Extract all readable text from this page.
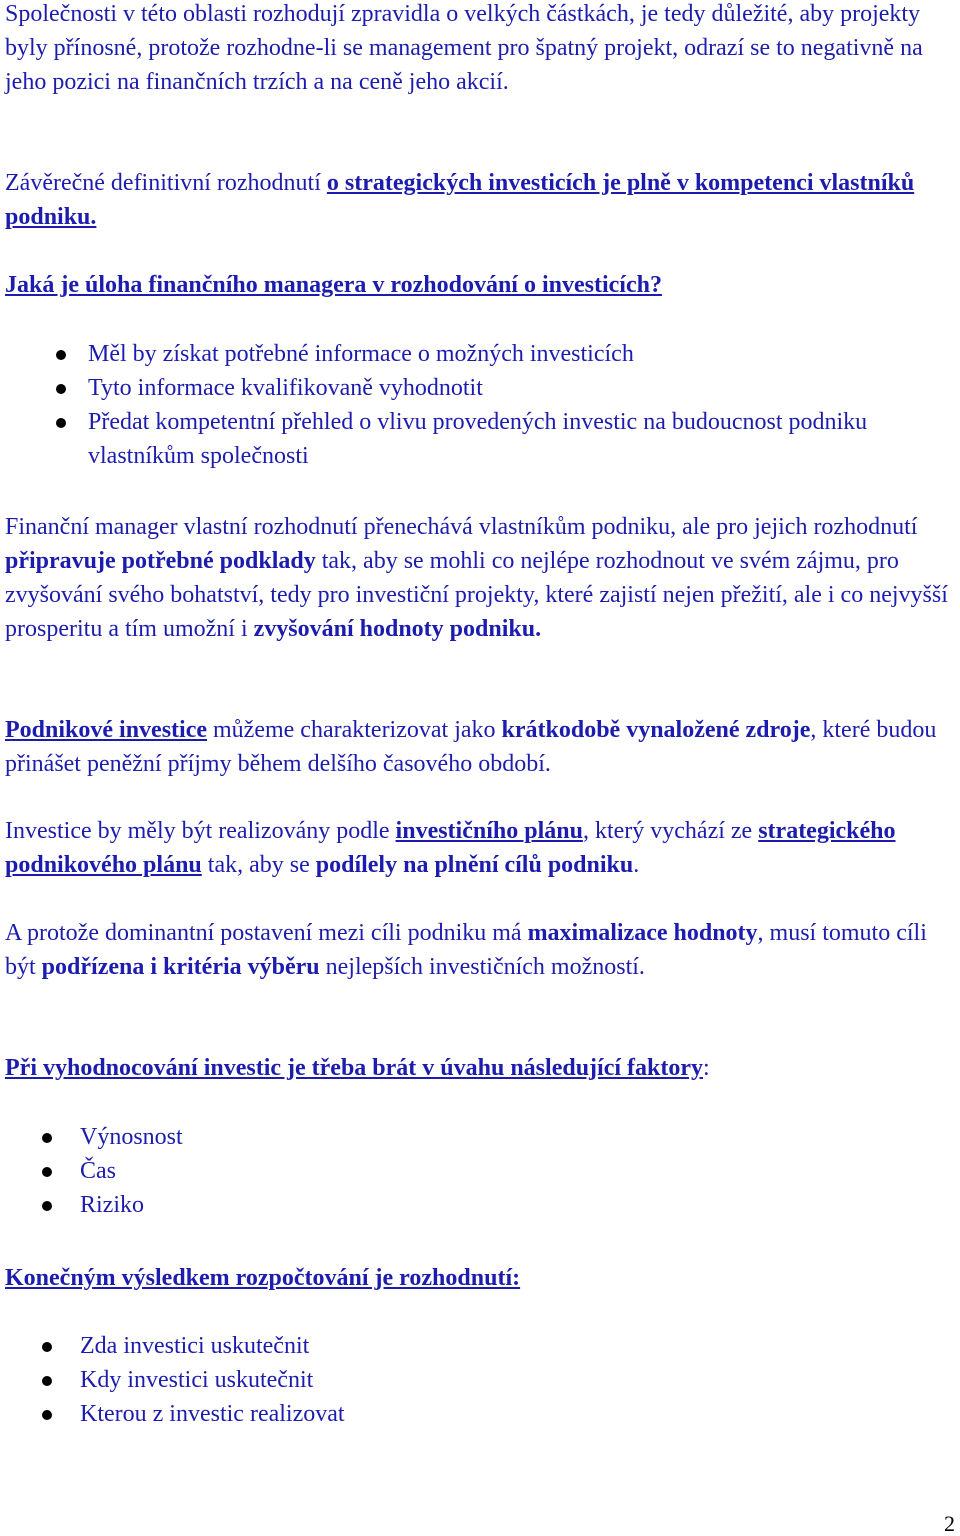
Společnosti v této oblasti rozhodují zpravidla o velkých částkách, je tedy důležité, aby projekty byly přínosné, protože rozhodne-li se management pro špatný projekt, odrazí se to negativně na jeho pozici na finančních trzích a na ceně jeho akcií.

Závěrečné definitivní rozhodnutí o strategických investicích je plně v kompetenci vlastníků podniku.

Jaká je úloha finančního managera v rozhodování o investicích?

Měl by získat potřebné informace o možných investicích
Tyto informace kvalifikovaně vyhodnotit
Předat kompetentní přehled o vlivu provedených investic na budoucnost podniku vlastníkům společnosti

Finanční manager vlastní rozhodnutí přenechává vlastníkům podniku, ale pro jejich rozhodnutí připravuje potřebné podklady tak, aby se mohli co nejlépe rozhodnout ve svém zájmu, pro zvyšování svého bohatství, tedy pro investiční projekty, které zajistí nejen přežití, ale i co nejvyšší prosperitu a tím umožní i zvyšování hodnoty podniku.

Podnikové investice můžeme charakterizovat jako krátkodobě vynaložené zdroje, které budou přinášet peněžní příjmy během delšího časového období.

Investice by měly být realizovány podle investičního plánu, který vychází ze strategického podnikového plánu tak, aby se podílely na plnění cílů podniku.

A protože dominantní postavení mezi cíli podniku má maximalizace hodnoty, musí tomuto cíli být podřízena i kritéria výběru nejlepších investičních možností.

Při vyhodnocování investic je třeba brát v úvahu následující faktory:

Výnosnost
Čas
Riziko

Konečným výsledkem rozpočtování je rozhodnutí:

Zda investici uskutečnit
Kdy investici uskutečnit
Kterou z investic realizovat
2
